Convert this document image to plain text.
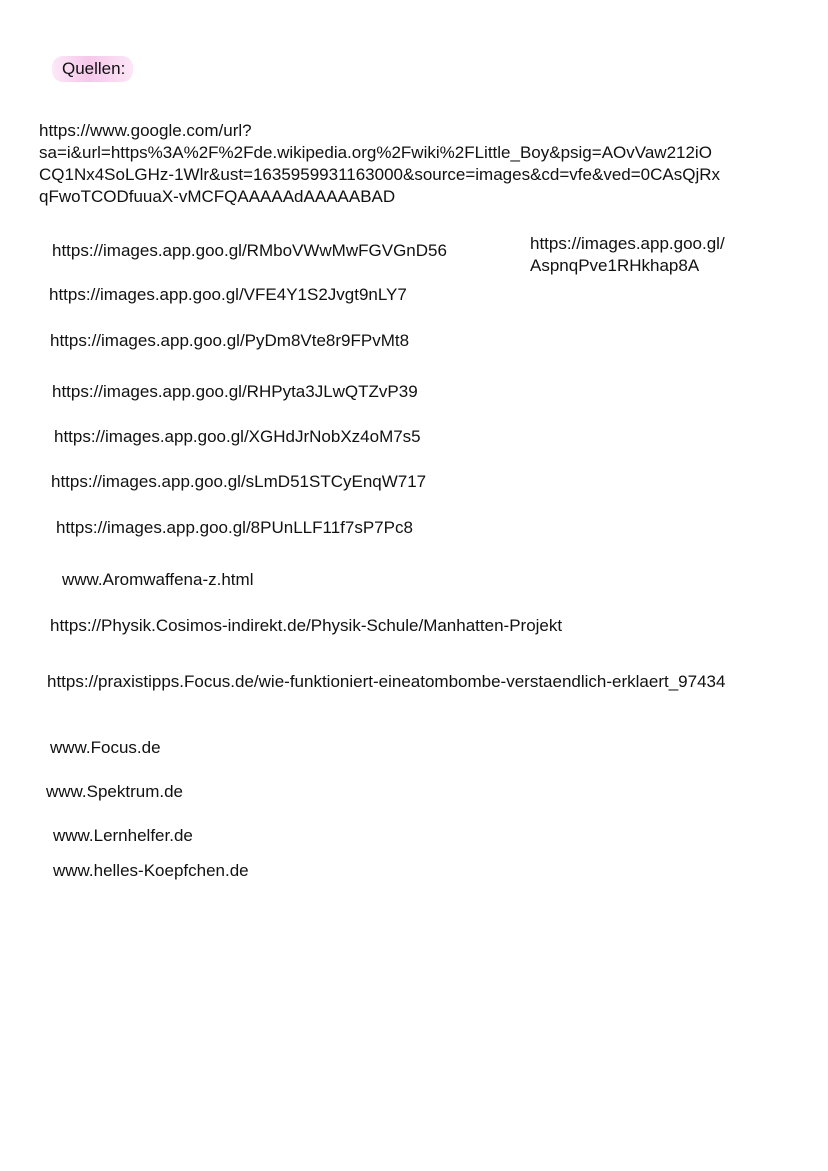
Quellen:
https://www.google.com/url?
sa=i&url=https%3A%2F%2Fde.wikipedia.org%2Fwiki%2FLittle_Boy&psig=AOvVaw212iO
CQ1Nx4SoLGHz-1Wlr&ust=1635959931163000&source=images&cd=vfe&ved=0CAsQjRx
qFwoTCODfuuaX-vMCFQAAAAAdAAAAABAD
https://images.app.goo.gl/RMboVWwMwFGVGnD56	https://images.app.goo.gl/
AspnqPve1RHkhap8A
https://images.app.goo.gl/VFE4Y1S2Jvgt9nLY7
https://images.app.goo.gl/PyDm8Vte8r9FPvMt8
https://images.app.goo.gl/RHPyta3JLwQTZvP39
https://images.app.goo.gl/XGHdJrNobXz4oM7s5
https://images.app.goo.gl/sLmD51STCyEnqW717
https://images.app.goo.gl/8PUnLLF11f7sP7Pc8
www.Aromwaffena-z.html
https://Physik.Cosimos-indirekt.de/Physik-Schule/Manhatten-Projekt
https://praxistipps.Focus.de/wie-funktioniert-eineatombombe-verstaendlich-erklaert_97434
www.Focus.de
www.Spektrum.de
www.Lernhelfer.de
www.helles-Koepfchen.de
